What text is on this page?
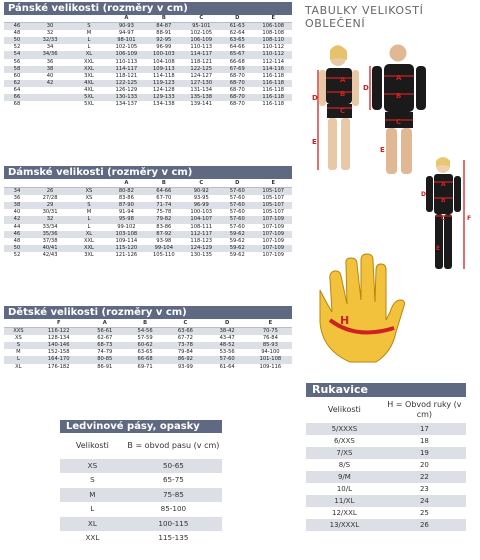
Pánské velikosti (rozměry v cm)
			A	B	C	D	E
46	30	S	90-93	84-87	95-101	61-63	106-108
48	32	M	94-97	88-91	102-105	62-64	108-108
50	32/33	L	98-101	92-95	106-109	63-65	108-110
52	34	L	102-105	96-99	110-113	64-66	110-112
54	34/36	XL	106-109	100-103	114-117	65-67	110-112
56	36	XXL	110-113	104-108	118-121	66-68	112-114
58	38	XXL	114-117	109-113	122-125	67-69	114-116
60	40	3XL	118-121	114-118	124-127	68-70	116-118
62	42	4XL	122-125	119-123	127-130	68-70	116-118
64		4XL	126-129	124-128	131-134	68-70	116-118
66		5XL	130-133	129-133	135-138	68-70	116-118
68		5XL	134-137	134-138	139-141	68-70	116-118
Dámské velikosti (rozměry v cm)
			A	B	C	D	E
34	26	XS	80-82	64-66	90-92	57-60	105-107
36	27/28	XS	83-86	67-70	93-95	57-60	105-107
38	29	S	87-90	71-74	96-99	57-60	105-107
40	30/31	M	91-94	75-78	100-103	57-60	105-107
42	32	L	95-98	79-82	104-107	57-60	107-109
44	33/34	L	99-102	83-86	108-111	57-60	107-109
46	35/36	XL	103-108	87-92	112-117	59-62	107-109
48	37/38	XXL	109-114	93-98	118-123	59-62	107-109
50	40/41	XXL	115-120	99-104	124-129	59-62	107-109
52	42/43	3XL	121-126	105-110	130-135	59-62	107-109
Dětské velikosti (rozměry v cm)
	F	A	B	C	D	E
XXS	116-122	56-61	54-56	63-66	38-42	70-75
XS	128-134	62-67	57-59	67-72	43-47	76-84
S	140-146	68-73	60-62	73-78	48-52	85-93
M	152-158	74-79	63-65	79-84	53-56	94-100
L	164-170	80-85	66-68	86-92	57-60	101-108
XL	176-182	86-91	69-71	93-99	61-64	109-116
TABULKY VELIKOSTÍ OBLEČENÍ
A
B
C
D
E
A
B
C
D
E
A
B
C
D
E
F
H
Rukavice
Velikosti	H = Obvod ruky (v cm)
5/XXXS	17
6/XXS	18
7/XS	19
8/S	20
9/M	22
10/L	23
11/XL	24
12/XXL	25
13/XXXL	26
Ledvinové pásy, opasky
Velikosti	B = obvod pasu (v cm)
XS	50-65
S	65-75
M	75-85
L	85-100
XL	100-115
XXL	115-135
